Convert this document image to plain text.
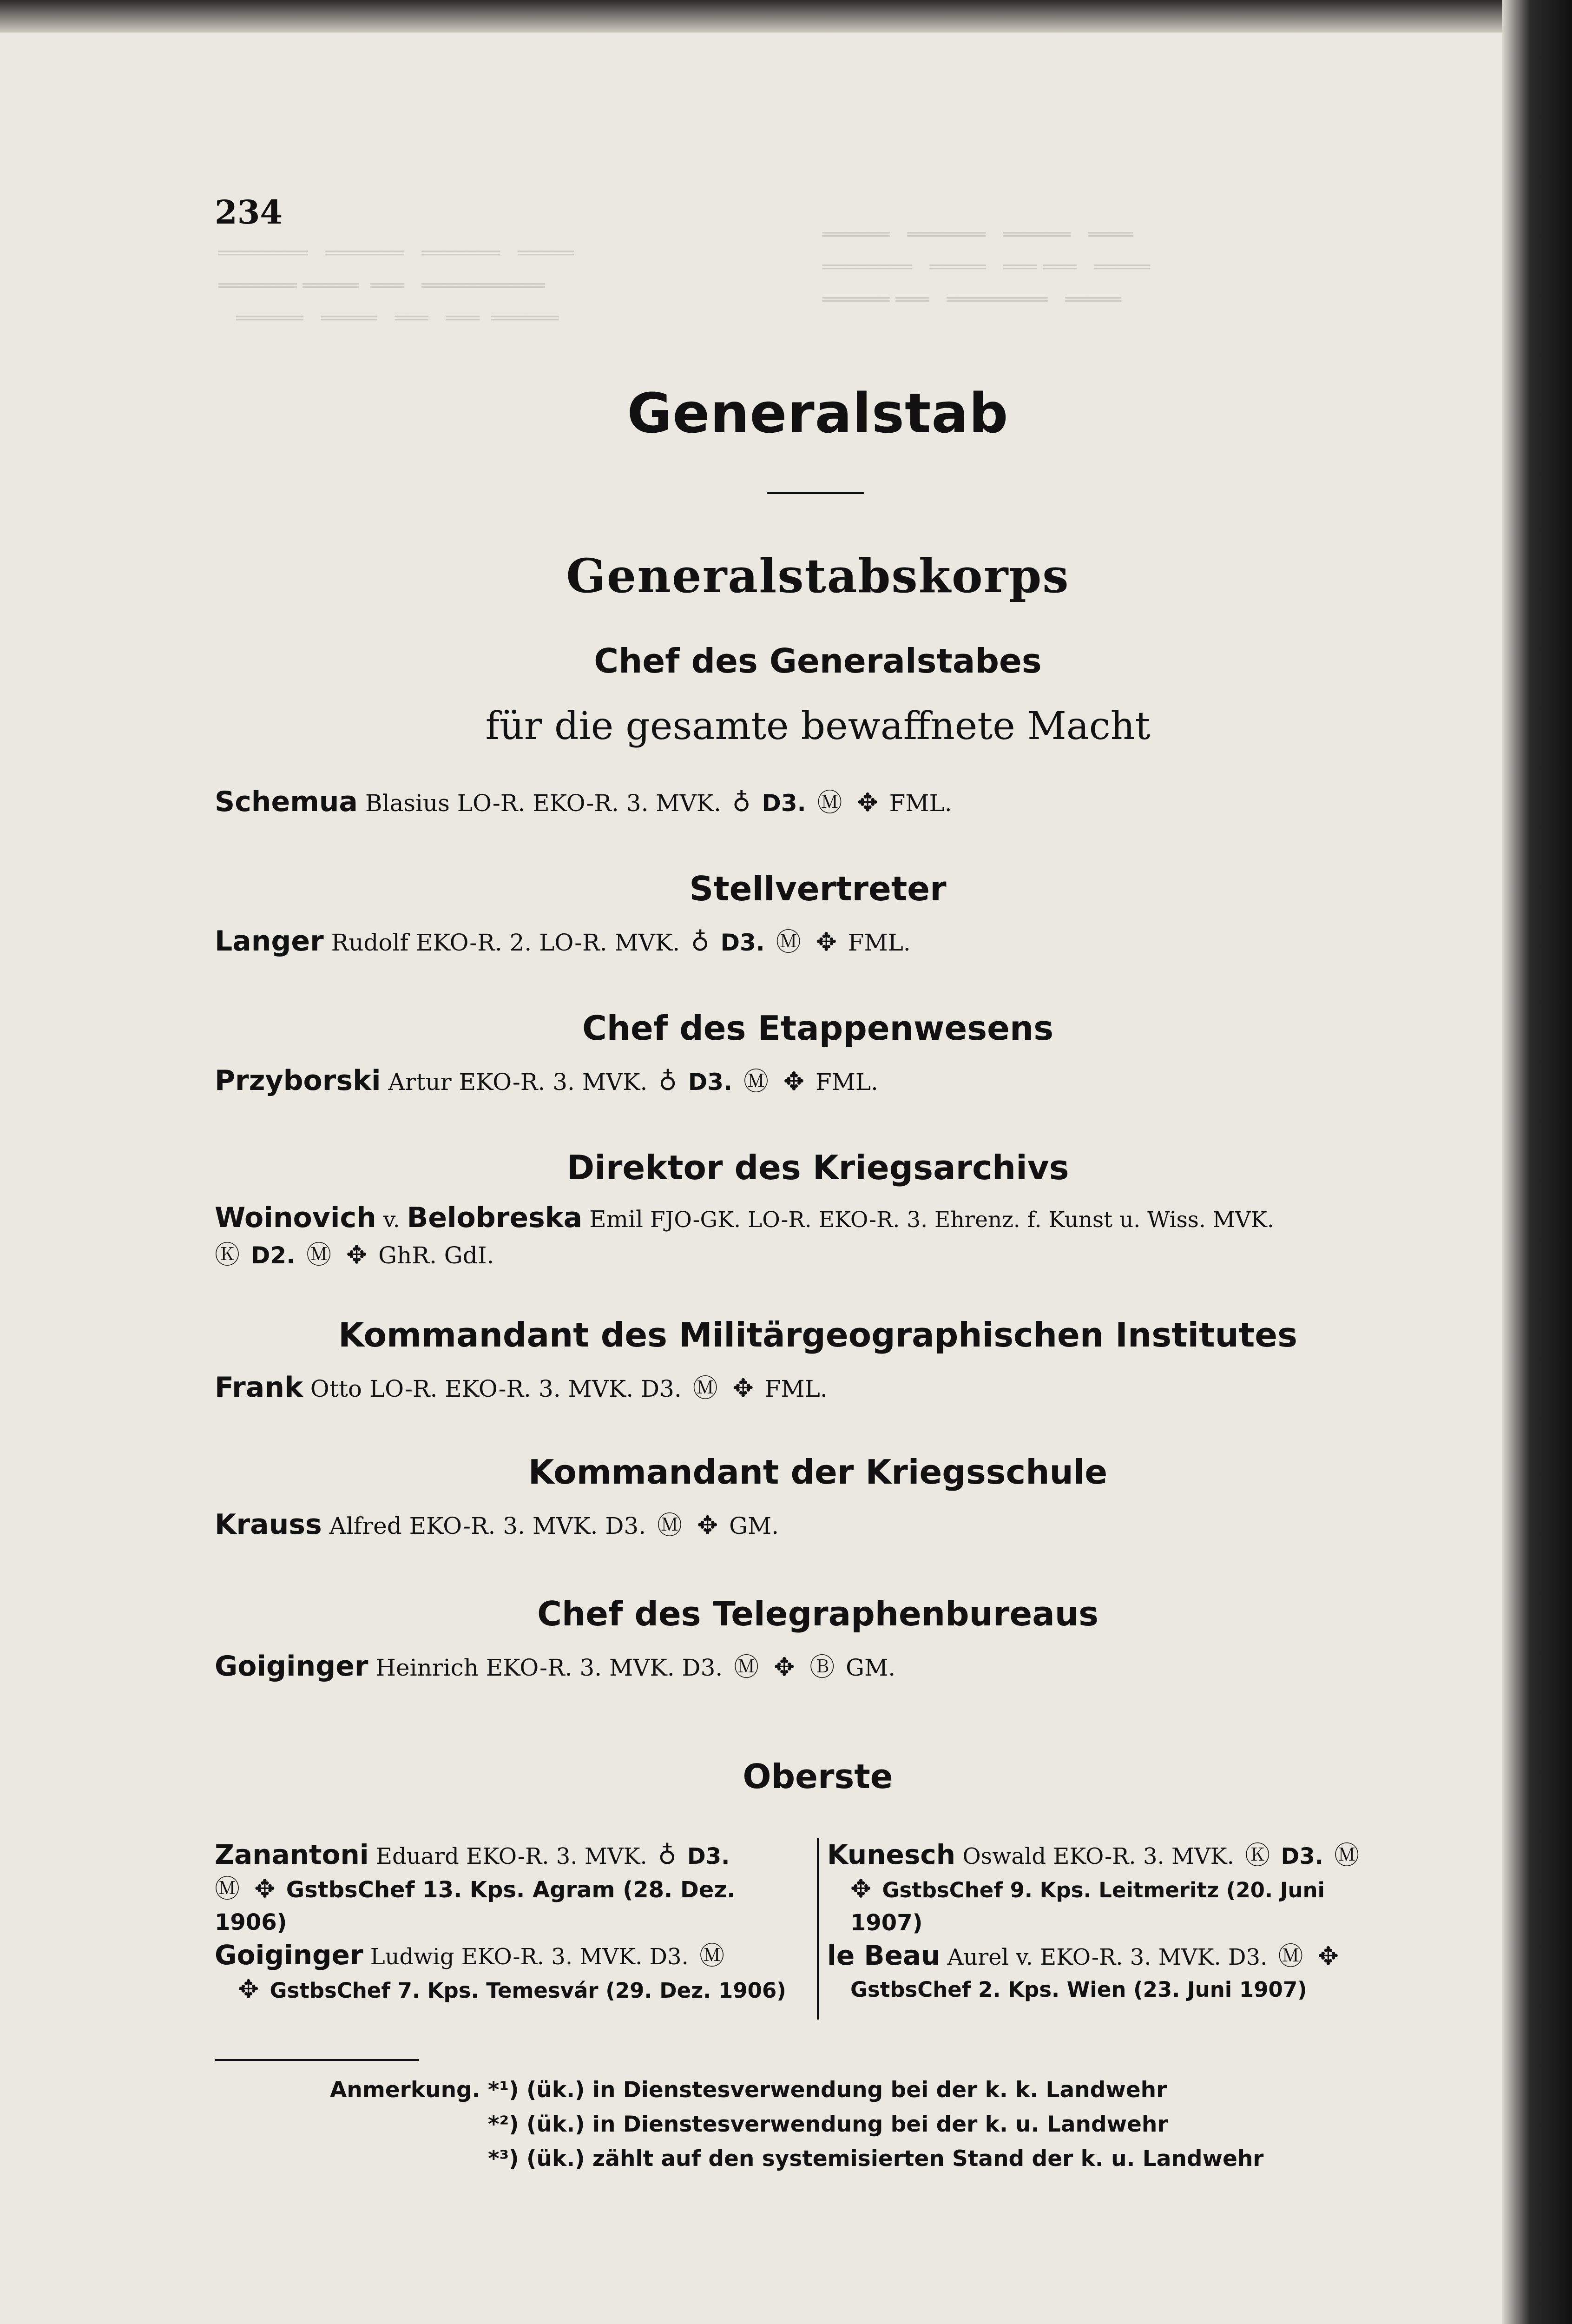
════════   ═══════   ═══════   ═════
═══════ ═════  ═══   ═══════════
══════   ═════   ═══   ═══  ══════

══════   ═══════   ══════   ════
════════   ═════   ═══ ═══   ═════
══════ ═══   ═════════   ═════

234
Generalstab
Generalstabskorps
Chef des Generalstabes
für die gesamte bewaffnete Macht
Schemua Blasius LO-R. EKO-R. 3. MVK. ♁ D3. Ⓜ ✥ FML.
Stellvertreter
Langer Rudolf EKO-R. 2. LO-R. MVK. ♁ D3. Ⓜ ✥ FML.
Chef des Etappenwesens
Przyborski Artur EKO-R. 3. MVK. ♁ D3. Ⓜ ✥ FML.
Direktor des Kriegsarchivs
Woinovich v. Belobreska Emil FJO-GK. LO-R. EKO-R. 3. Ehrenz. f. Kunst u. Wiss. MVK.
Ⓚ D2. Ⓜ ✥ GhR. GdI.
Kommandant des Militärgeographischen Institutes
Frank Otto LO-R. EKO-R. 3. MVK. D3. Ⓜ ✥ FML.
Kommandant der Kriegsschule
Krauss Alfred EKO-R. 3. MVK. D3. Ⓜ ✥ GM.
Chef des Telegraphenbureaus
Goiginger Heinrich EKO-R. 3. MVK. D3. Ⓜ ✥ Ⓑ GM.
Oberste
Zanantoni Eduard EKO-R. 3. MVK. ♁ D3.
Ⓜ ✥ GstbsChef 13. Kps. Agram (28. Dez.
1906)
Goiginger Ludwig EKO-R. 3. MVK. D3. Ⓜ
✥ GstbsChef 7. Kps. Temesvár (29. Dez. 1906)
Kunesch Oswald EKO-R. 3. MVK. Ⓚ D3. Ⓜ
✥ GstbsChef 9. Kps. Leitmeritz (20. Juni
1907)
le Beau Aurel v. EKO-R. 3. MVK. D3. Ⓜ ✥
GstbsChef 2. Kps. Wien (23. Juni 1907)
Anmerkung. *¹) (ük.) in Dienstesverwendung bei der k. k. Landwehr
*²) (ük.) in Dienstesverwendung bei der k. u. Landwehr
*³) (ük.) zählt auf den systemisierten Stand der k. u. Landwehr
